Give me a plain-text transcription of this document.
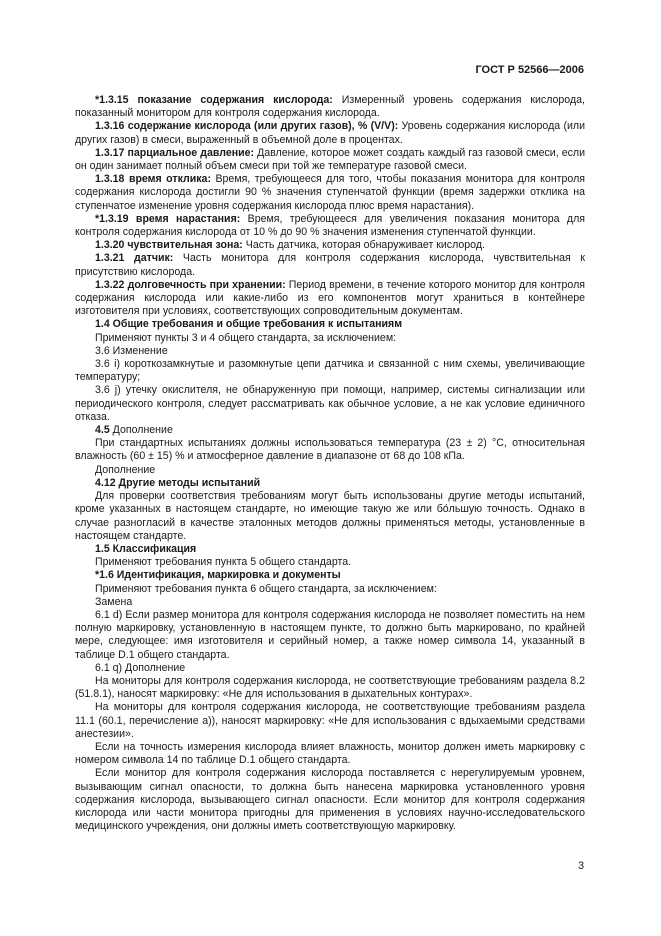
ГОСТ Р 52566—2006

*1.3.15 показание содержания кислорода: Измеренный уровень содержания кислорода, показанный монитором для контроля содержания кислорода.

1.3.16 содержание кислорода (или других газов), % (V/V): Уровень содержания кислорода (или других газов) в смеси, выраженный в объемной доле в процентах.

1.3.17 парциальное давление: Давление, которое может создать каждый газ газовой смеси, если он один занимает полный объем смеси при той же температуре газовой смеси.

1.3.18 время отклика: Время, требующееся для того, чтобы показания монитора для контроля содержания кислорода достигли 90 % значения ступенчатой функции (время задержки отклика на ступенчатое изменение уровня содержания кислорода плюс время нарастания).

*1.3.19 время нарастания: Время, требующееся для увеличения показания монитора для контроля содержания кислорода от 10 % до 90 % значения изменения ступенчатой функции.

1.3.20 чувствительная зона: Часть датчика, которая обнаруживает кислород.

1.3.21 датчик: Часть монитора для контроля содержания кислорода, чувствительная к присутствию кислорода.

1.3.22 долговечность при хранении: Период времени, в течение которого монитор для контроля содержания кислорода или какие-либо из его компонентов могут храниться в контейнере изготовителя при условиях, соответствующих сопроводительным документам.

1.4 Общие требования и общие требования к испытаниям

Применяют пункты 3 и 4 общего стандарта, за исключением:

3.6 Изменение

3.6 i) короткозамкнутые и разомкнутые цепи датчика и связанной с ним схемы, увеличивающие температуру;

3.6 j) утечку окислителя, не обнаруженную при помощи, например, системы сигнализации или периодического контроля, следует рассматривать как обычное условие, а не как условие единичного отказа.

4.5 Дополнение

При стандартных испытаниях должны использоваться температура (23 ± 2) °C, относительная влажность (60 ± 15) % и атмосферное давление в диапазоне от 68 до 108 кПа.

Дополнение

4.12 Другие методы испытаний

Для проверки соответствия требованиям могут быть использованы другие методы испытаний, кроме указанных в настоящем стандарте, но имеющие такую же или бо́льшую точность. Однако в случае разногласий в качестве эталонных методов должны применяться методы, установленные в настоящем стандарте.

1.5 Классификация

Применяют требования пункта 5 общего стандарта.

*1.6 Идентификация, маркировка и документы

Применяют требования пункта 6 общего стандарта, за исключением:

Замена

6.1 d) Если размер монитора для контроля содержания кислорода не позволяет поместить на нем полную маркировку, установленную в настоящем пункте, то должно быть маркировано, по крайней мере, следующее: имя изготовителя и серийный номер, а также номер символа 14, указанный в таблице D.1 общего стандарта.

6.1 q) Дополнение

На мониторы для контроля содержания кислорода, не соответствующие требованиям раздела 8.2 (51.8.1), наносят маркировку: «Не для использования в дыхательных контурах».

На мониторы для контроля содержания кислорода, не соответствующие требованиям раздела 11.1 (60.1, перечисление а)), наносят маркировку: «Не для использования с вдыхаемыми средствами анестезии».

Если на точность измерения кислорода влияет влажность, монитор должен иметь маркировку с номером символа 14 по таблице D.1 общего стандарта.

Если монитор для контроля содержания кислорода поставляется с нерегулируемым уровнем, вызывающим сигнал опасности, то должна быть нанесена маркировка установленного уровня содержания кислорода, вызывающего сигнал опасности. Если монитор для контроля содержания кислорода или части монитора пригодны для применения в условиях научно-исследовательского медицинского учреждения, они должны иметь соответствующую маркировку.

3
